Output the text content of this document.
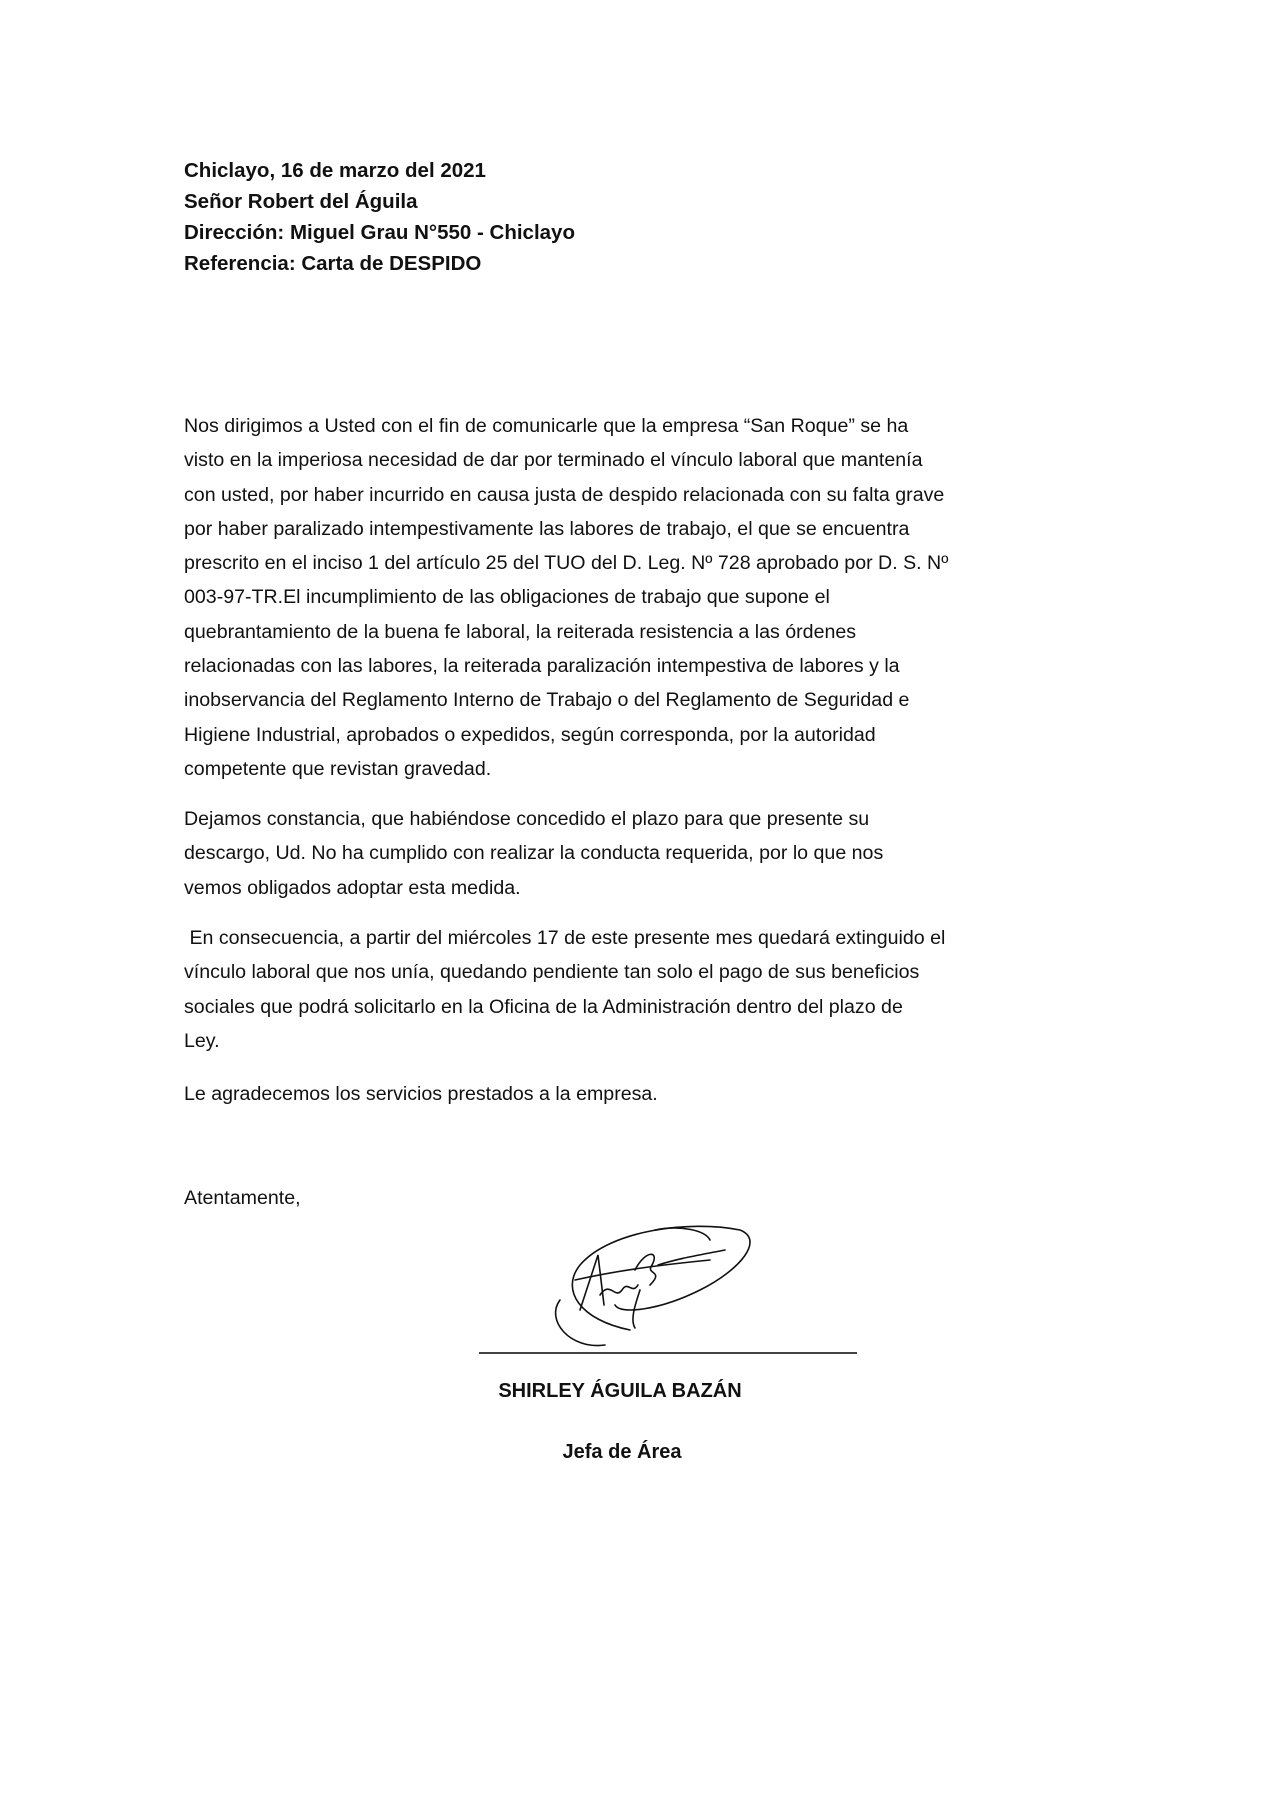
Chiclayo, 16 de marzo del 2021
Señor Robert del Águila
Dirección: Miguel Grau N°550 - Chiclayo
Referencia: Carta de DESPIDO
Nos dirigimos a Usted con el fin de comunicarle que la empresa “San Roque” se ha
visto en la imperiosa necesidad de dar por terminado el vínculo laboral que mantenía
con usted, por haber incurrido en causa justa de despido relacionada con su falta grave
por haber paralizado intempestivamente las labores de trabajo, el que se encuentra
prescrito en el inciso 1 del artículo 25 del TUO del D. Leg. Nº 728 aprobado por D. S. Nº
003-97-TR.El incumplimiento de las obligaciones de trabajo que supone el
quebrantamiento de la buena fe laboral, la reiterada resistencia a las órdenes
relacionadas con las labores, la reiterada paralización intempestiva de labores y la
inobservancia del Reglamento Interno de Trabajo o del Reglamento de Seguridad e
Higiene Industrial, aprobados o expedidos, según corresponda, por la autoridad
competente que revistan gravedad.
Dejamos constancia, que habiéndose concedido el plazo para que presente su
descargo, Ud. No ha cumplido con realizar la conducta requerida, por lo que nos
vemos obligados adoptar esta medida.
En consecuencia, a partir del miércoles 17 de este presente mes quedará extinguido el
vínculo laboral que nos unía, quedando pendiente tan solo el pago de sus beneficios
sociales que podrá solicitarlo en la Oficina de la Administración dentro del plazo de
Ley.
Le agradecemos los servicios prestados a la empresa.
Atentamente,
SHIRLEY ÁGUILA BAZÁN
Jefa de Área
